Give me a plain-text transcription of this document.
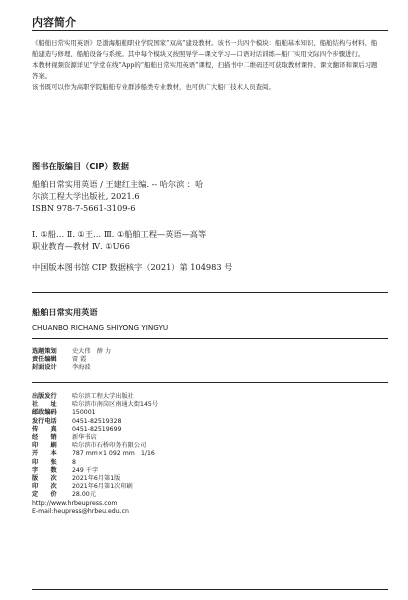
内容简介

《船舶日常实用英语》是渤海船舶职业学院国家“双高”建设教材。该书一共四个模块：船舶基本知识、船舶结构与材料、船舶建造与修理、船舶设备与系统。其中每个模块又按照导学—课文学习—口语对话训练—船厂实用文际四个步骤进行。

本教材视频资源详见“学堂在线”App的“船舶日常实用英语”课程，扫描书中二维码还可获取教材课件、课文翻译和课后习题答案。

该书既可以作为高职学院船舶专业群涉船类专业教材，也可供广大船厂技术人员查阅。

图书在版编目（CIP）数据
船舶日常实用英语 / 王建红主编. -- 哈尔滨 ：哈
尔滨工程大学出版社, 2021.6
ISBN 978-7-5661-3109-6
Ⅰ. ①船… Ⅱ. ①王… Ⅲ. ①船舶工程—英语—高等
职业教育—教材 Ⅳ. ①U66
中国版本图书馆 CIP 数据核字（2021）第 104983 号
船舶日常实用英语
CHUANBO RICHANG SHIYONG YINGYU
选题策划	史大伟　薛 力
责任编辑	雷 霞
封面设计	李海波
出版发行	哈尔滨工程大学出版社
社　　址	哈尔滨市南岗区南通大街145号
邮政编码	150001
发行电话	0451-82519328
传　　真	0451-82519699
经　　销	新华书店
印　　刷	哈尔滨市石桥印务有限公司
开　　本	787 mm×1 092 mm　1/16
印　　张	8
字　　数	249 千字
版　　次	2021年6月第1版
印　　次	2021年6月第1次印刷
定　　价	28.00元
http://www.hrbeupress.com
E-mail:heupress@hrbeu.edu.cn
